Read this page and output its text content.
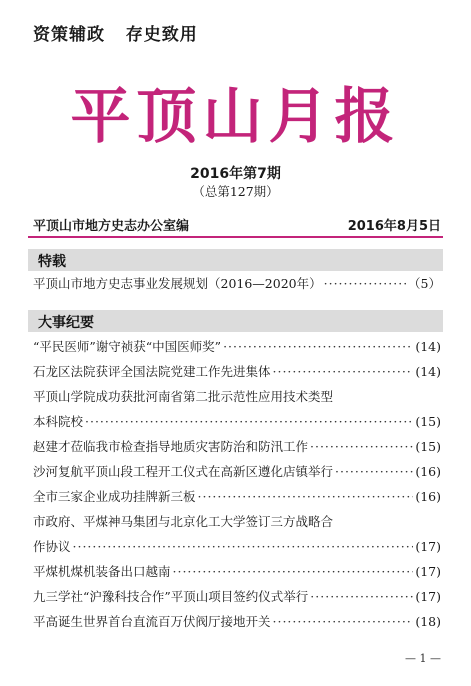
资策辅政   存史致用
平顶山月报
2016年第7期
（总第127期）
平顶山市地方史志办公室编	2016年8月5日
特载
平顶山市地方史志事业发展规划（2016—2020年） ·····	（5）
大事纪要
“平民医师”谢守祯获“中国医师奖” ·····	(14)
石龙区法院获评全国法院党建工作先进集体 ·····	(14)
平顶山学院成功获批河南省第二批示范性应用技术类型
本科院校 ·····	(15)
赵建才莅临我市检查指导地质灾害防治和防汛工作 ·····	(15)
沙河复航平顶山段工程开工仪式在高新区遵化店镇举行 ·····	(16)
全市三家企业成功挂牌新三板 ·····	(16)
市政府、平煤神马集团与北京化工大学签订三方战略合
作协议 ·····	(17)
平煤机煤机装备出口越南 ·····	(17)
九三学社“沪豫科技合作”平顶山项目签约仪式举行 ·····	(17)
平高诞生世界首台直流百万伏阀厅接地开关 ·····	(18)
— 1 —
